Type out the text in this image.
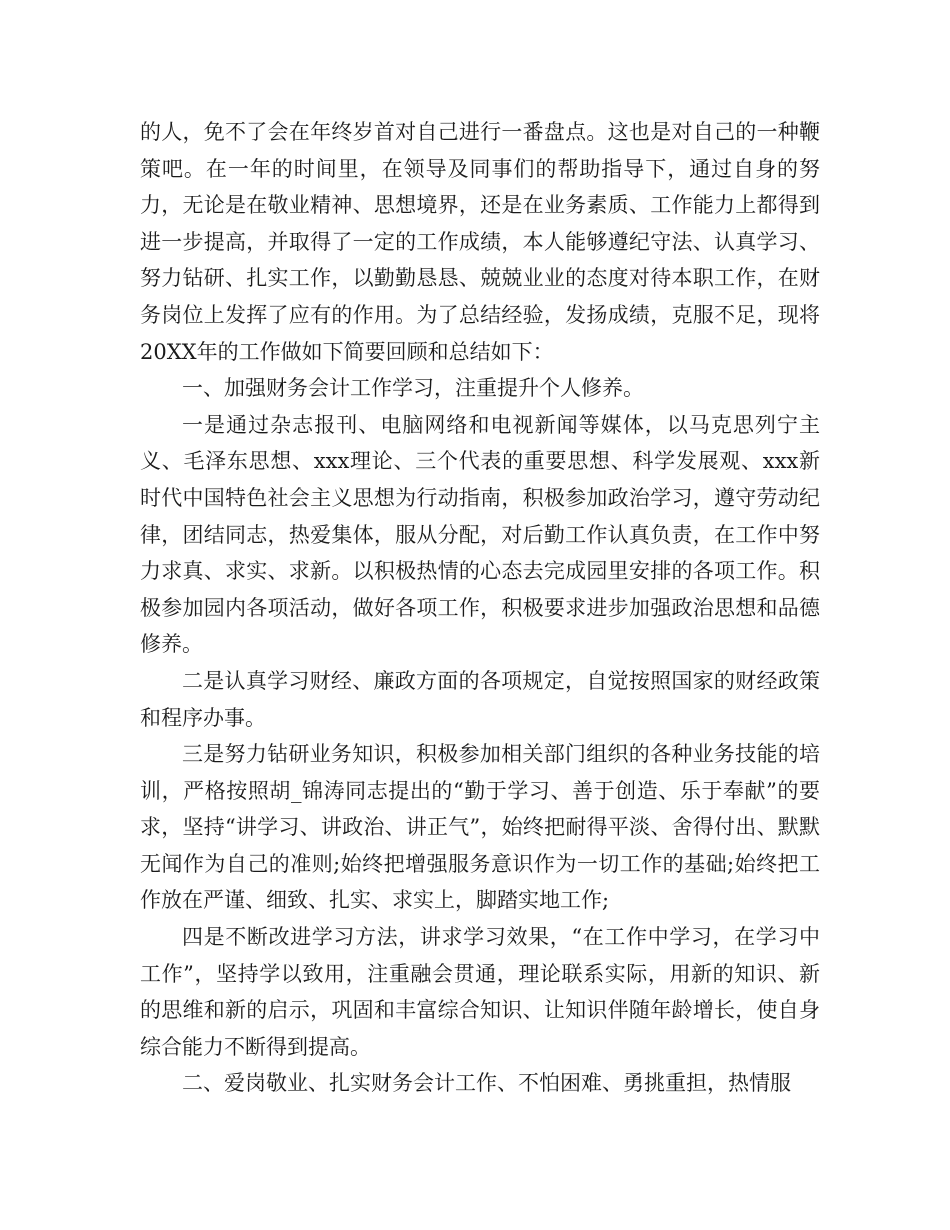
的人，免不了会在年终岁首对自己进行一番盘点。这也是对自己的一种鞭策吧。在一年的时间里，在领导及同事们的帮助指导下，通过自身的努力，无论是在敬业精神、思想境界，还是在业务素质、工作能力上都得到进一步提高，并取得了一定的工作成绩，本人能够遵纪守法、认真学习、努力钻研、扎实工作，以勤勤恳恳、兢兢业业的态度对待本职工作，在财务岗位上发挥了应有的作用。为了总结经验，发扬成绩，克服不足，现将20XX年的工作做如下简要回顾和总结如下：

一、加强财务会计工作学习，注重提升个人修养。

一是通过杂志报刊、电脑网络和电视新闻等媒体，以马克思列宁主义、毛泽东思想、xxx理论、三个代表的重要思想、科学发展观、xxx新时代中国特色社会主义思想为行动指南，积极参加政治学习，遵守劳动纪律，团结同志，热爱集体，服从分配，对后勤工作认真负责，在工作中努力求真、求实、求新。以积极热情的心态去完成园里安排的各项工作。积极参加园内各项活动，做好各项工作，积极要求进步加强政治思想和品德修养。

二是认真学习财经、廉政方面的各项规定，自觉按照国家的财经政策和程序办事。

三是努力钻研业务知识，积极参加相关部门组织的各种业务技能的培训，严格按照胡_锦涛同志提出的“勤于学习、善于创造、乐于奉献”的要求，坚持“讲学习、讲政治、讲正气”，始终把耐得平淡、舍得付出、默默无闻作为自己的准则;始终把增强服务意识作为一切工作的基础;始终把工作放在严谨、细致、扎实、求实上，脚踏实地工作;

四是不断改进学习方法，讲求学习效果，“在工作中学习，在学习中工作”，坚持学以致用，注重融会贯通，理论联系实际，用新的知识、新的思维和新的启示，巩固和丰富综合知识、让知识伴随年龄增长，使自身综合能力不断得到提高。

二、爱岗敬业、扎实财务会计工作、不怕困难、勇挑重担，热情服
